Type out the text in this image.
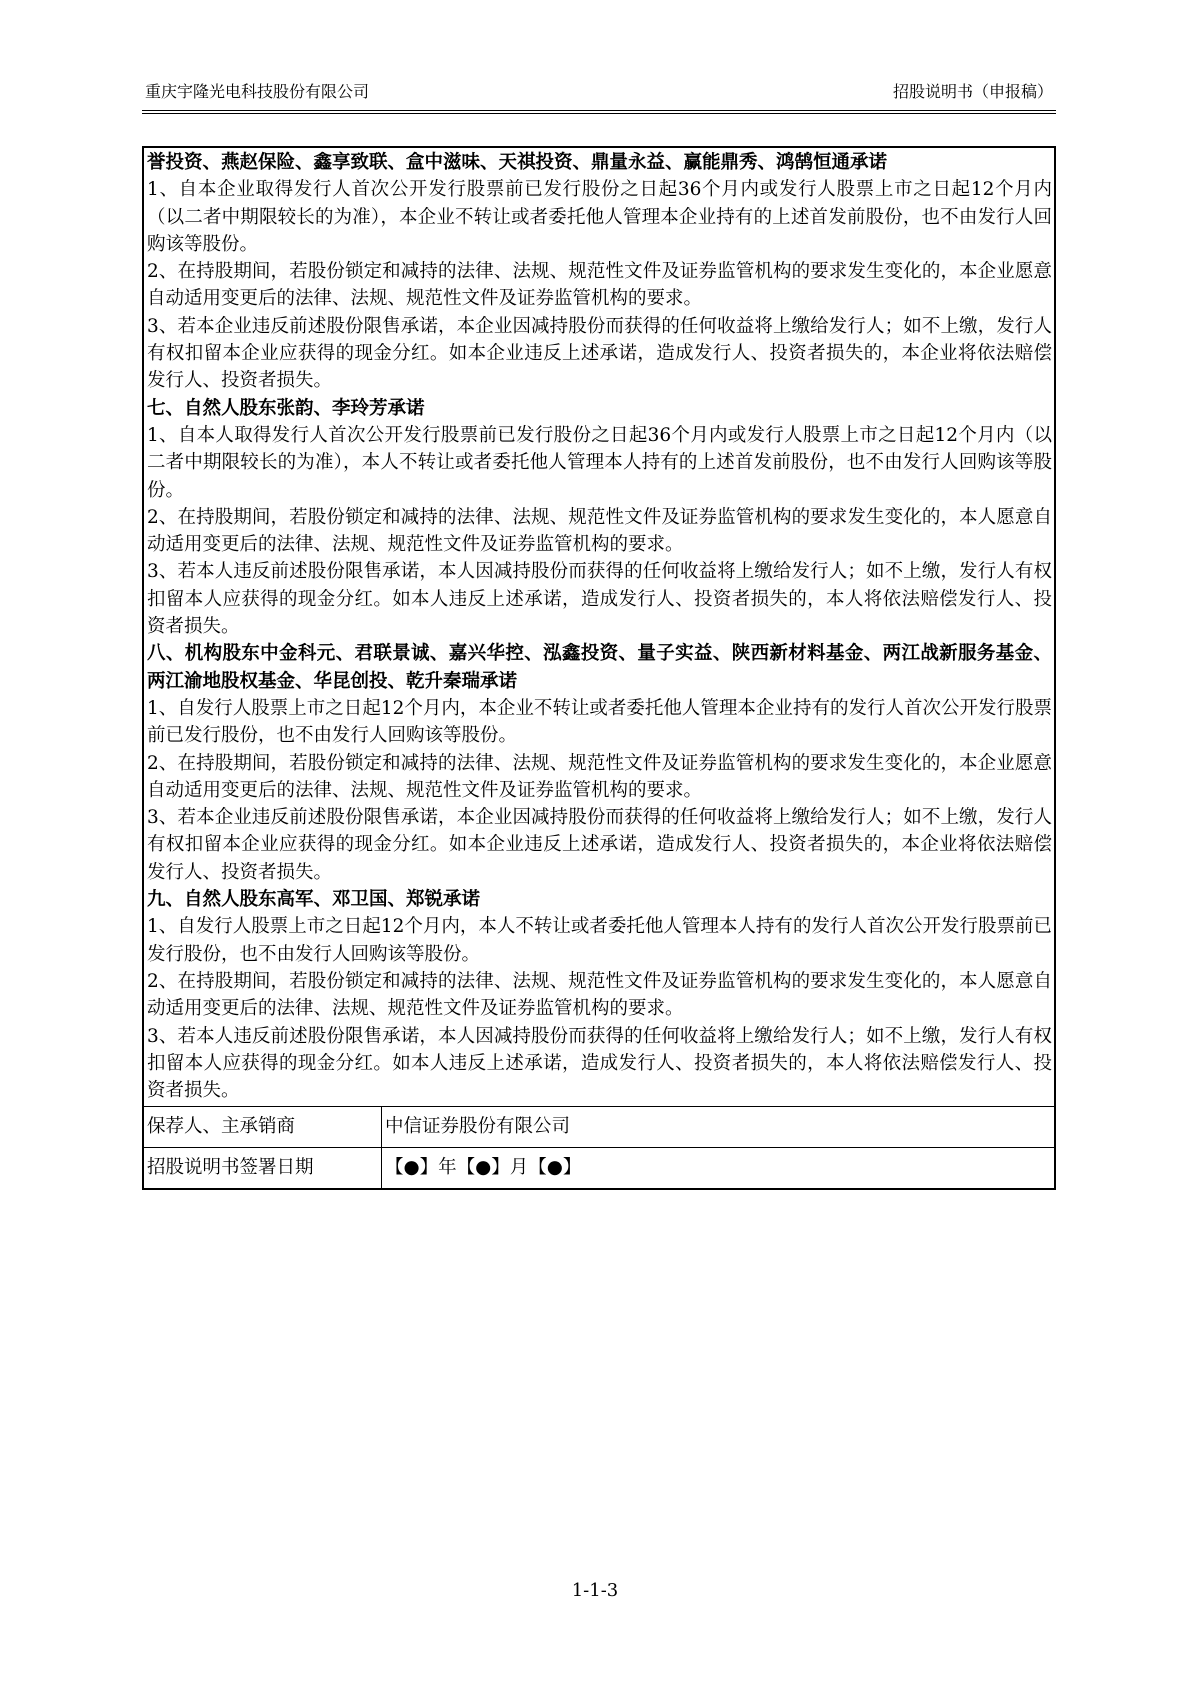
重庆宇隆光电科技股份有限公司	招股说明书（申报稿）

誉投资、燕赵保险、鑫享致联、盒中滋味、天祺投资、鼎量永益、赢能鼎秀、鸿鹄恒通承诺

1、自本企业取得发行人首次公开发行股票前已发行股份之日起36个月内或发行人股票上市之日起12个月内（以二者中期限较长的为准），本企业不转让或者委托他人管理本企业持有的上述首发前股份，也不由发行人回购该等股份。

2、在持股期间，若股份锁定和减持的法律、法规、规范性文件及证券监管机构的要求发生变化的，本企业愿意自动适用变更后的法律、法规、规范性文件及证券监管机构的要求。

3、若本企业违反前述股份限售承诺，本企业因减持股份而获得的任何收益将上缴给发行人；如不上缴，发行人有权扣留本企业应获得的现金分红。如本企业违反上述承诺，造成发行人、投资者损失的，本企业将依法赔偿发行人、投资者损失。

七、自然人股东张韵、李玲芳承诺

1、自本人取得发行人首次公开发行股票前已发行股份之日起36个月内或发行人股票上市之日起12个月内（以二者中期限较长的为准），本人不转让或者委托他人管理本人持有的上述首发前股份，也不由发行人回购该等股份。

2、在持股期间，若股份锁定和减持的法律、法规、规范性文件及证券监管机构的要求发生变化的，本人愿意自动适用变更后的法律、法规、规范性文件及证券监管机构的要求。

3、若本人违反前述股份限售承诺，本人因减持股份而获得的任何收益将上缴给发行人；如不上缴，发行人有权扣留本人应获得的现金分红。如本人违反上述承诺，造成发行人、投资者损失的，本人将依法赔偿发行人、投资者损失。

八、机构股东中金科元、君联景诚、嘉兴华控、泓鑫投资、量子实益、陕西新材料基金、两江战新服务基金、两江渝地股权基金、华昆创投、乾升秦瑞承诺

1、自发行人股票上市之日起12个月内，本企业不转让或者委托他人管理本企业持有的发行人首次公开发行股票前已发行股份，也不由发行人回购该等股份。

2、在持股期间，若股份锁定和减持的法律、法规、规范性文件及证券监管机构的要求发生变化的，本企业愿意自动适用变更后的法律、法规、规范性文件及证券监管机构的要求。

3、若本企业违反前述股份限售承诺，本企业因减持股份而获得的任何收益将上缴给发行人；如不上缴，发行人有权扣留本企业应获得的现金分红。如本企业违反上述承诺，造成发行人、投资者损失的，本企业将依法赔偿发行人、投资者损失。

九、自然人股东高军、邓卫国、郑锐承诺

1、自发行人股票上市之日起12个月内，本人不转让或者委托他人管理本人持有的发行人首次公开发行股票前已发行股份，也不由发行人回购该等股份。

2、在持股期间，若股份锁定和减持的法律、法规、规范性文件及证券监管机构的要求发生变化的，本人愿意自动适用变更后的法律、法规、规范性文件及证券监管机构的要求。

3、若本人违反前述股份限售承诺，本人因减持股份而获得的任何收益将上缴给发行人；如不上缴，发行人有权扣留本人应获得的现金分红。如本人违反上述承诺，造成发行人、投资者损失的，本人将依法赔偿发行人、投资者损失。

保荐人、主承销商	中信证券股份有限公司
招股说明书签署日期	【●】年【●】月【●】
1-1-3
